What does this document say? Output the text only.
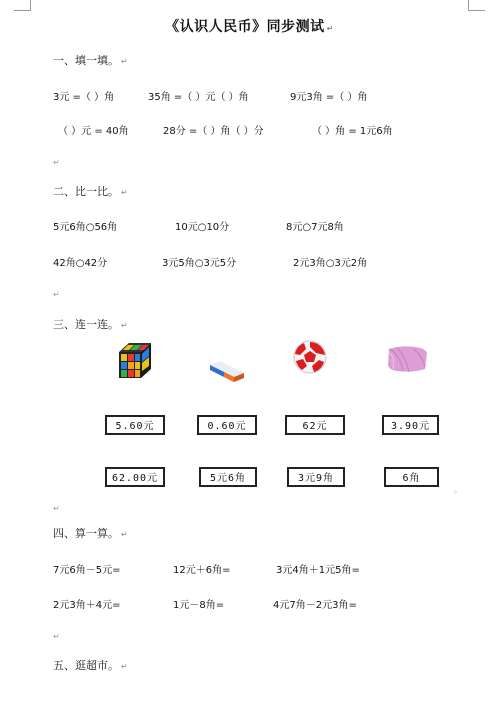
《认识人民币》同步测试 ↵
一、填一填。 ↵
3元 =（ ）角	35角 =（ ）元（ ）角	9元3角 =（ ）角
（ ）元 = 40角	28分 =（ ）角（ ）分	（ ）角 = 1元6角
↵
二、比一比。 ↵
5元6角○56角	10元○10分	8元○7元8角
42角○42分	3元5角○3元5分	2元3角○3元2角
↵
三、连一连。 ↵
5.60元	0.60元	62元	3.90元
62.00元	5元6角	3元9角	6角
。
↵
四、算一算。 ↵
7元6角－5元=	12元＋6角=	3元4角＋1元5角=
2元3角＋4元=	1元－8角=	4元7角－2元3角=
↵
五、逛超市。 ↵
